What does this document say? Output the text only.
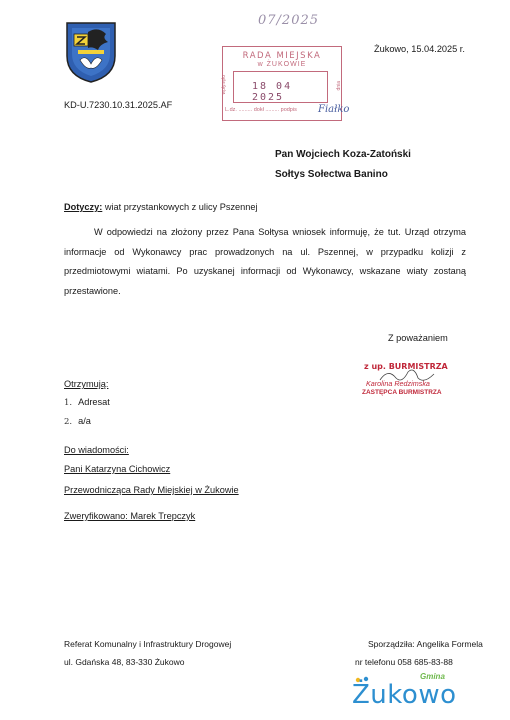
07/2025
RADA MIEJSKA
w ŻUKOWIE
wpłynęło	18 04 2025
dnia
L.dz. ......... dokł ......... podpis Fiałko
Żukowo, 15.04.2025 r.
KD-U.7230.10.31.2025.AF
Pan Wojciech Koza-Zatoński
Sołtys Sołectwa Banino
Dotyczy: wiat przystankowych z ulicy Pszennej
W odpowiedzi na złożony przez Pana Sołtysa wniosek informuję, że tut. Urząd otrzyma informacje od Wykonawcy prac prowadzonych na ul. Pszennej, w przypadku kolizji z przedmiotowymi wiatami. Po uzyskanej informacji od Wykonawcy, wskazane wiaty zostaną przestawione.
Z poważaniem
z up. BURMISTRZA
Karolina Redzimska
ZASTĘPCA BURMISTRZA
Otrzymują:
1. Adresat
2. a/a
Do wiadomości:
Pani Katarzyna Cichowicz
Przewodnicząca Rady Miejskiej w Żukowie
Zweryfikowano: Marek Trepczyk
Referat Komunalny i Infrastruktury Drogowej
ul. Gdańska 48, 83-330 Żukowo
Sporządziła: Angelika Formela
nr telefonu 058 685-83-88
Gmina
Żukowo
